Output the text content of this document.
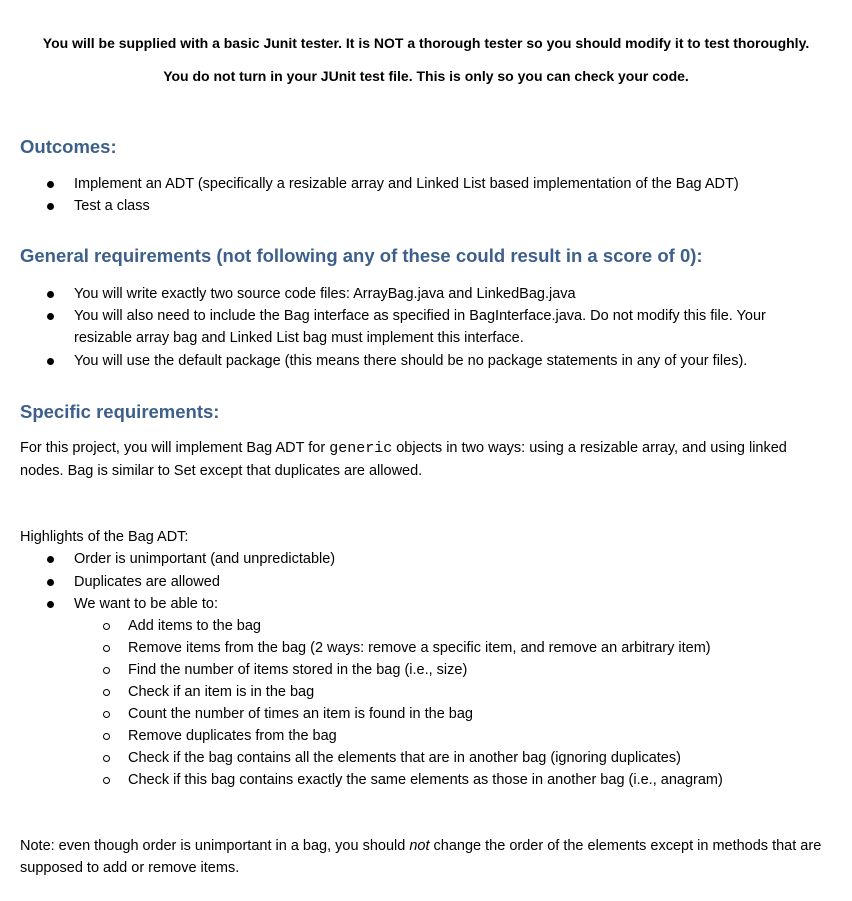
You will be supplied with a basic Junit tester. It is NOT a thorough tester so you should modify it to test thoroughly.
You do not turn in your JUnit test file. This is only so you can check your code.
Outcomes:
Implement an ADT (specifically a resizable array and Linked List based implementation of the Bag ADT)
Test a class
General requirements (not following any of these could result in a score of 0):
You will write exactly two source code files: ArrayBag.java and LinkedBag.java
You will also need to include the Bag interface as specified in BagInterface.java. Do not modify this file. Your resizable array bag and Linked List bag must implement this interface.
You will use the default package (this means there should be no package statements in any of your files).
Specific requirements:
For this project, you will implement Bag ADT for generic objects in two ways: using a resizable array, and using linked nodes. Bag is similar to Set except that duplicates are allowed.
Highlights of the Bag ADT:
Order is unimportant (and unpredictable)
Duplicates are allowed
We want to be able to:
Add items to the bag
Remove items from the bag (2 ways: remove a specific item, and remove an arbitrary item)
Find the number of items stored in the bag (i.e., size)
Check if an item is in the bag
Count the number of times an item is found in the bag
Remove duplicates from the bag
Check if the bag contains all the elements that are in another bag (ignoring duplicates)
Check if this bag contains exactly the same elements as those in another bag (i.e., anagram)
Note: even though order is unimportant in a bag, you should not change the order of the elements except in methods that are supposed to add or remove items.
